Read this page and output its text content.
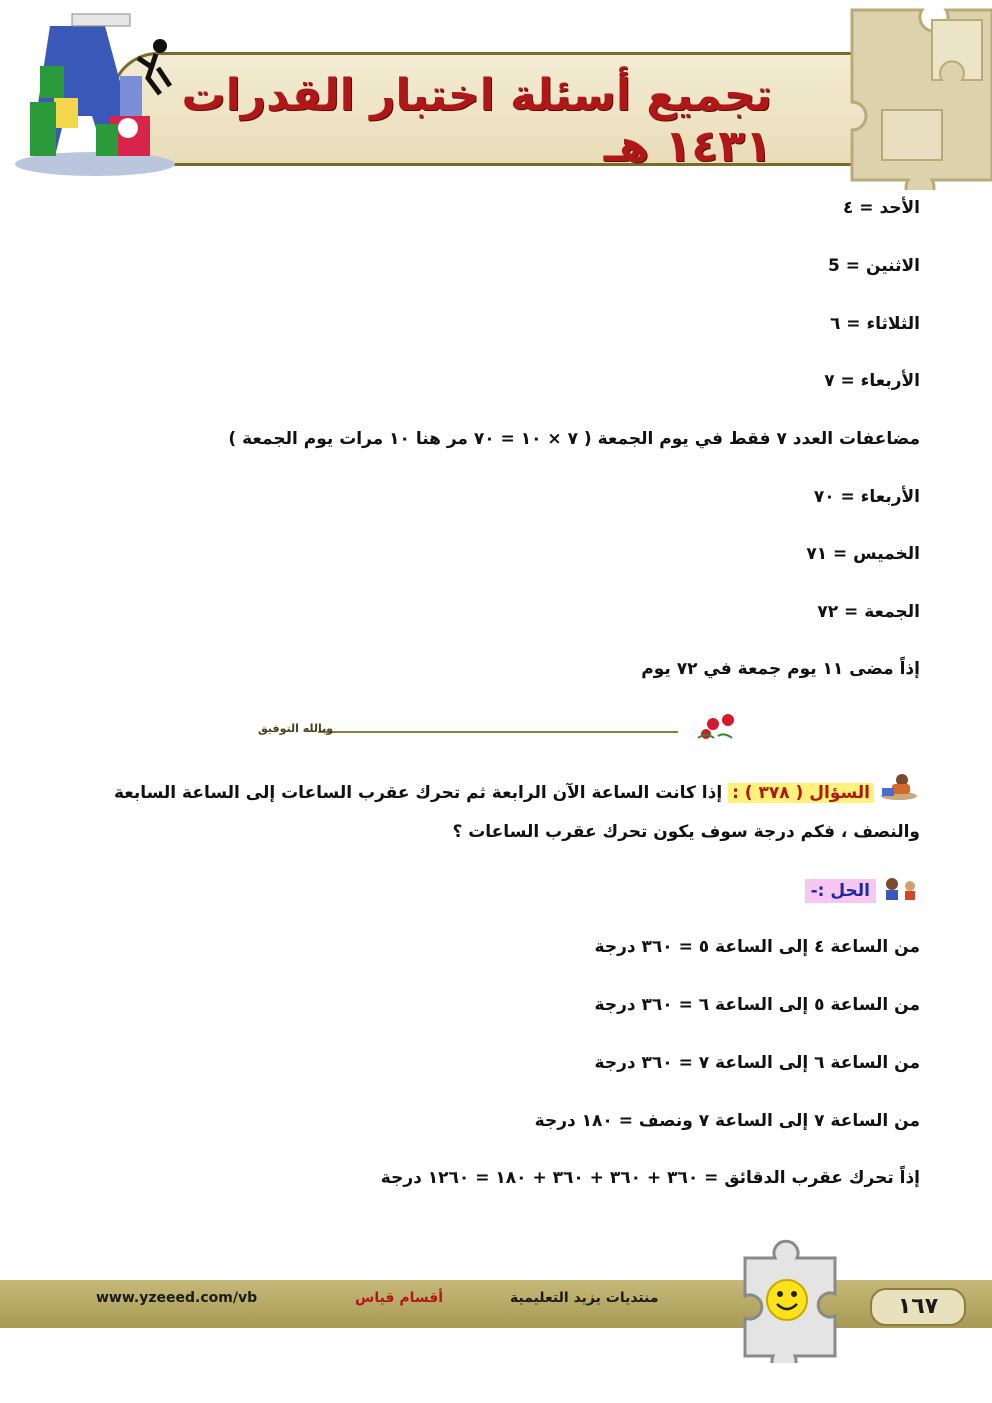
تجميع أسئلة اختبار القدرات ١٤٣١ هـ
الأحد = ٤
الاثنين = 5
الثلاثاء = ٦
الأربعاء = ٧
مضاعفات العدد ٧ فقط في يوم الجمعة ( ٧ × ١٠ = ٧٠ مر هنا ١٠ مرات يوم الجمعة )
الأربعاء = ٧٠
الخميس = ٧١
الجمعة = ٧٢
إذاً مضى ١١ يوم جمعة في ٧٢ يوم
وبالله التوفيق
السؤال ( ٣٧٨ ) : إذا كانت الساعة الآن الرابعة ثم تحرك عقرب الساعات إلى الساعة السابعة والنصف ، فكم درجة سوف يكون تحرك عقرب الساعات ؟
الحل :-
من الساعة ٤ إلى الساعة ٥ = ٣٦٠ درجة
من الساعة ٥ إلى الساعة ٦ = ٣٦٠ درجة
من الساعة ٦ إلى الساعة ٧ = ٣٦٠ درجة
من الساعة ٧ إلى الساعة ٧ ونصف = ١٨٠ درجة
إذاً تحرك عقرب الدقائق = ٣٦٠ + ٣٦٠ + ٣٦٠ + ١٨٠ = ١٢٦٠ درجة
www.yzeeed.com/vb	أقسام قياس	منتديات يزيد التعليمية	١٦٧
